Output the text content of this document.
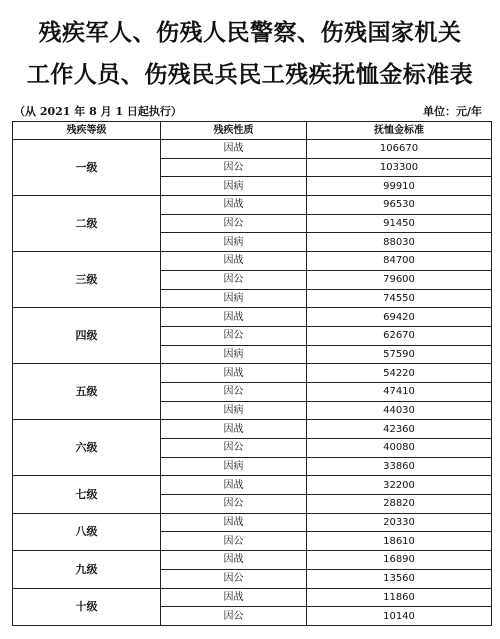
残疾军人、伤残人民警察、伤残国家机关
工作人员、伤残民兵民工残疾抚恤金标准表
（从 2021 年 8 月 1 日起执行）	单位：元/年
残疾等级	残疾性质	抚恤金标准
一级	因战	106670
	因公	103300
	因病	99910
二级	因战	96530
	因公	91450
	因病	88030
三级	因战	84700
	因公	79600
	因病	74550
四级	因战	69420
	因公	62670
	因病	57590
五级	因战	54220
	因公	47410
	因病	44030
六级	因战	42360
	因公	40080
	因病	33860
七级	因战	32200
	因公	28820
八级	因战	20330
	因公	18610
九级	因战	16890
	因公	13560
十级	因战	11860
	因公	10140
